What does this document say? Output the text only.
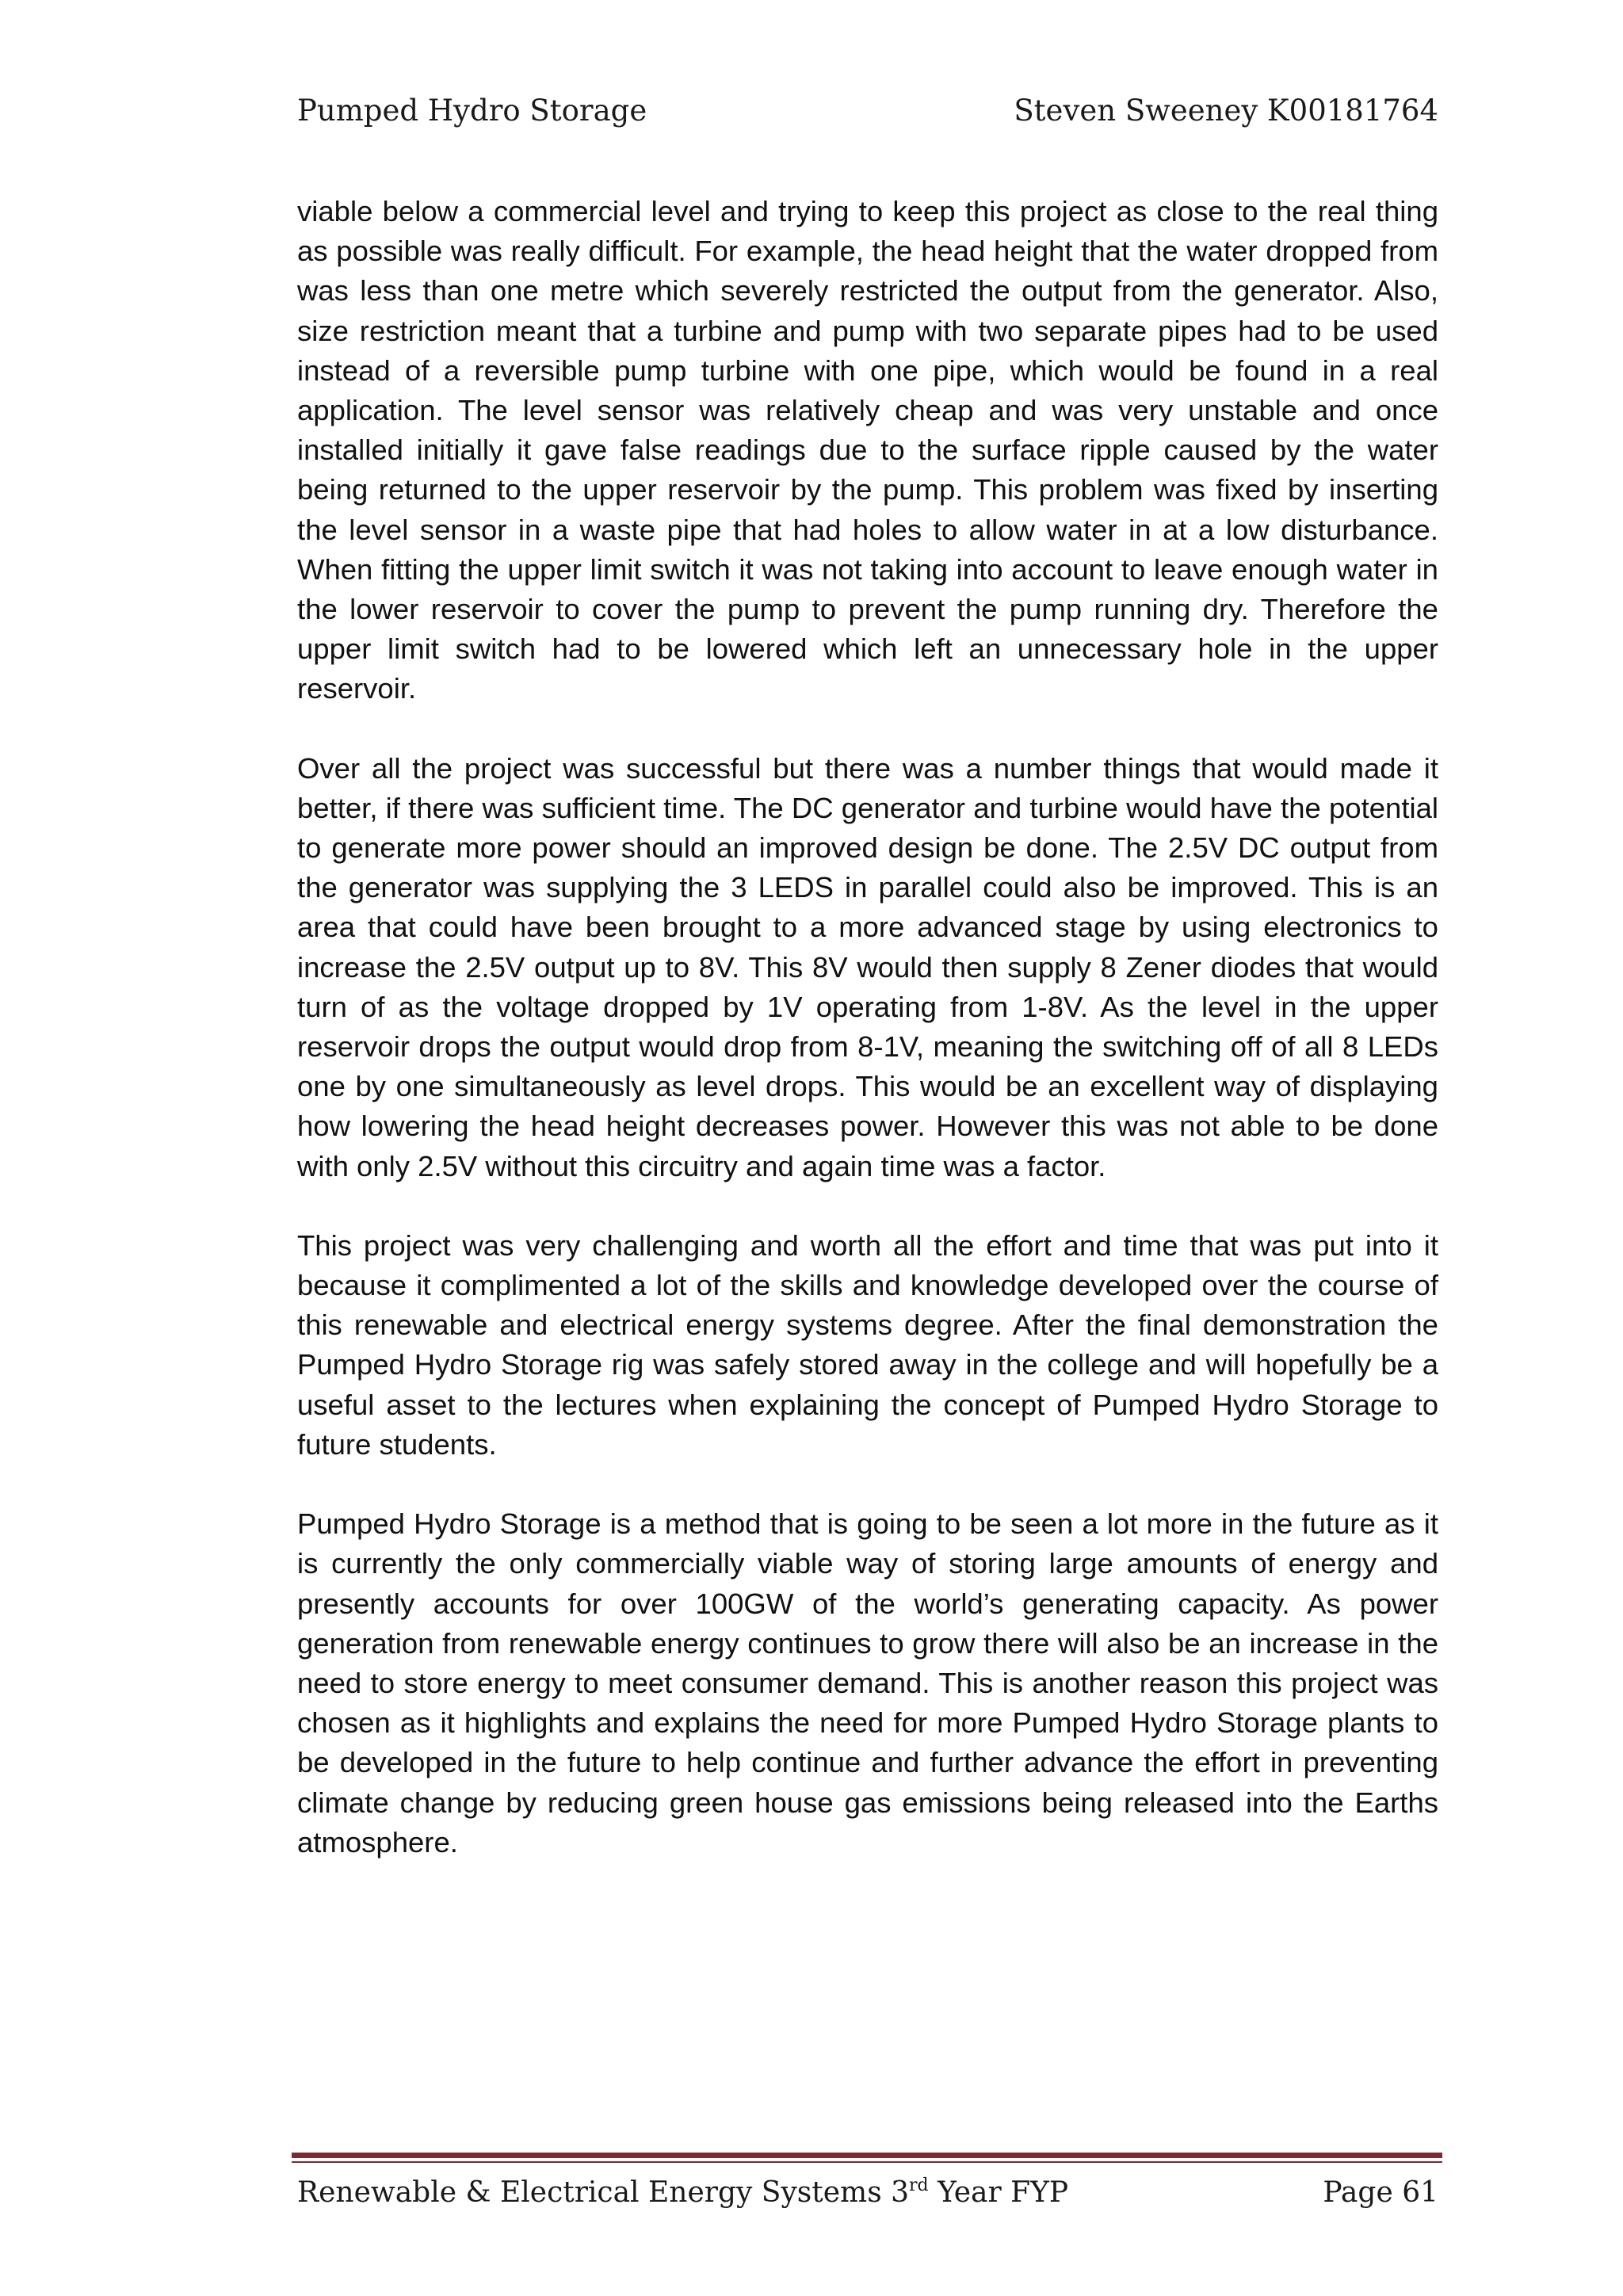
Pumped Hydro Storage	Steven Sweeney K00181764

viable below a commercial level and trying to keep this project as close to the real thing as possible was really difficult. For example, the head height that the water dropped from was less than one metre which severely restricted the output from the generator. Also, size restriction meant that a turbine and pump with two separate pipes had to be used instead of a reversible pump turbine with one pipe, which would be found in a real application. The level sensor was relatively cheap and was very unstable and once installed initially it gave false readings due to the surface ripple caused by the water being returned to the upper reservoir by the pump. This problem was fixed by inserting the level sensor in a waste pipe that had holes to allow water in at a low disturbance. When fitting the upper limit switch it was not taking into account to leave enough water in the lower reservoir to cover the pump to prevent the pump running dry. Therefore the upper limit switch had to be lowered which left an unnecessary hole in the upper reservoir.

Over all the project was successful but there was a number things that would made it better, if there was sufficient time. The DC generator and turbine would have the potential to generate more power should an improved design be done. The 2.5V DC output from the generator was supplying the 3 LEDS in parallel could also be improved. This is an area that could have been brought to a more advanced stage by using electronics to increase the 2.5V output up to 8V. This 8V would then supply 8 Zener diodes that would turn of as the voltage dropped by 1V operating from 1-8V. As the level in the upper reservoir drops the output would drop from 8-1V, meaning the switching off of all 8 LEDs one by one simultaneously as level drops. This would be an excellent way of displaying how lowering the head height decreases power. However this was not able to be done with only 2.5V without this circuitry and again time was a factor.

This project was very challenging and worth all the effort and time that was put into it because it complimented a lot of the skills and knowledge developed over the course of this renewable and electrical energy systems degree. After the final demonstration the Pumped Hydro Storage rig was safely stored away in the college and will hopefully be a useful asset to the lectures when explaining the concept of Pumped Hydro Storage to future students.

Pumped Hydro Storage is a method that is going to be seen a lot more in the future as it is currently the only commercially viable way of storing large amounts of energy and presently accounts for over 100GW of the world’s generating capacity. As power generation from renewable energy continues to grow there will also be an increase in the need to store energy to meet consumer demand. This is another reason this project was chosen as it highlights and explains the need for more Pumped Hydro Storage plants to be developed in the future to help continue and further advance the effort in preventing climate change by reducing green house gas emissions being released into the Earths atmosphere.

Renewable & Electrical Energy Systems 3rd Year FYP	Page 61
